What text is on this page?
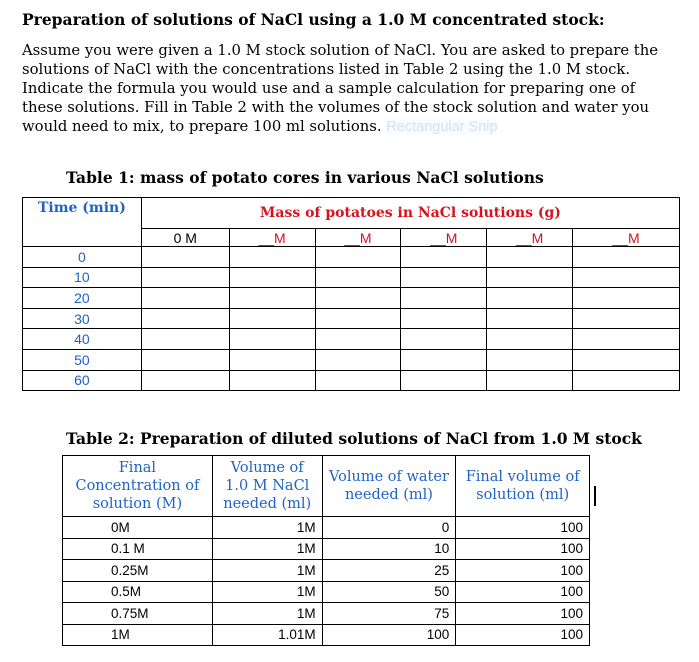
Preparation of solutions of NaCl using a 1.0 M concentrated stock:
Assume you were given a 1.0 M stock solution of NaCl. You are asked to prepare the solutions of NaCl with the concentrations listed in Table 2 using the 1.0 M stock. Indicate the formula you would use and a sample calculation for preparing one of these solutions. Fill in Table 2 with the volumes of the stock solution and water you would need to mix, to prepare 100 ml solutions. Rectangular Snip
Table 1: mass of potato cores in various NaCl solutions
Time (min)	Mass of potatoes in NaCl solutions (g)					
	0 M	__M	__M	__M	__M	__M
0						
10						
20						
30						
40						
50						
60						
Table 2: Preparation of diluted solutions of NaCl from 1.0 M stock
Final Concentration of solution (M)	Volume of 1.0 M NaCl needed (ml)	Volume of water needed (ml)	Final volume of solution (ml)
0M	1M	0	100
0.1 M	1M	10	100
0.25M	1M	25	100
0.5M	1M	50	100
0.75M	1M	75	100
1M	1.01M	100	100
